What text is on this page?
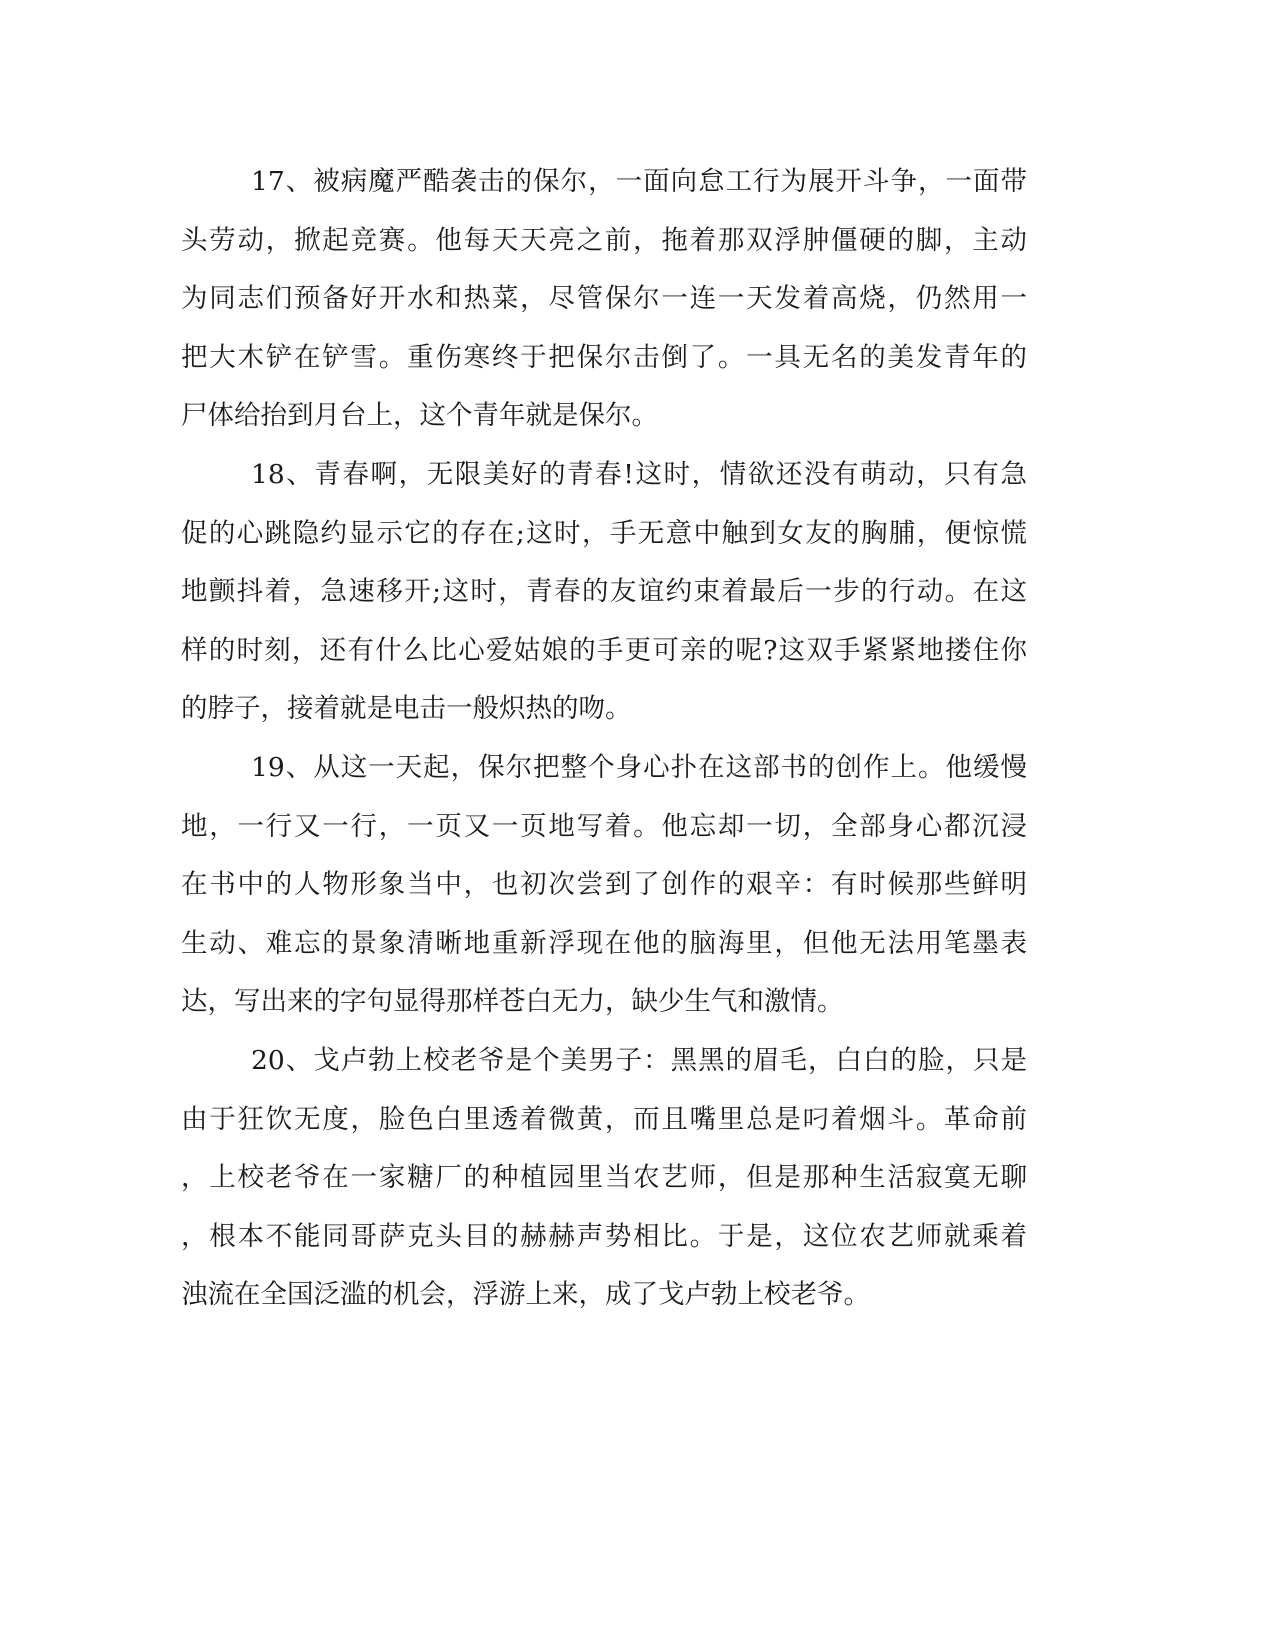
17、被病魔严酷袭击的保尔，一面向怠工行为展开斗争，一面带
头劳动，掀起竞赛。他每天天亮之前，拖着那双浮肿僵硬的脚，主动
为同志们预备好开水和热菜，尽管保尔一连一天发着高烧，仍然用一
把大木铲在铲雪。重伤寒终于把保尔击倒了。一具无名的美发青年的
尸体给抬到月台上，这个青年就是保尔。
18、青春啊，无限美好的青春!这时，情欲还没有萌动，只有急
促的心跳隐约显示它的存在;这时，手无意中触到女友的胸脯，便惊慌
地颤抖着，急速移开;这时，青春的友谊约束着最后一步的行动。在这
样的时刻，还有什么比心爱姑娘的手更可亲的呢?这双手紧紧地搂住你
的脖子，接着就是电击一般炽热的吻。
19、从这一天起，保尔把整个身心扑在这部书的创作上。他缓慢
地，一行又一行，一页又一页地写着。他忘却一切，全部身心都沉浸
在书中的人物形象当中，也初次尝到了创作的艰辛：有时候那些鲜明
生动、难忘的景象清晰地重新浮现在他的脑海里，但他无法用笔墨表
达，写出来的字句显得那样苍白无力，缺少生气和激情。
20、戈卢勃上校老爷是个美男子：黑黑的眉毛，白白的脸，只是
由于狂饮无度，脸色白里透着微黄，而且嘴里总是叼着烟斗。革命前
，上校老爷在一家糖厂的种植园里当农艺师，但是那种生活寂寞无聊
，根本不能同哥萨克头目的赫赫声势相比。于是，这位农艺师就乘着
浊流在全国泛滥的机会，浮游上来，成了戈卢勃上校老爷。
